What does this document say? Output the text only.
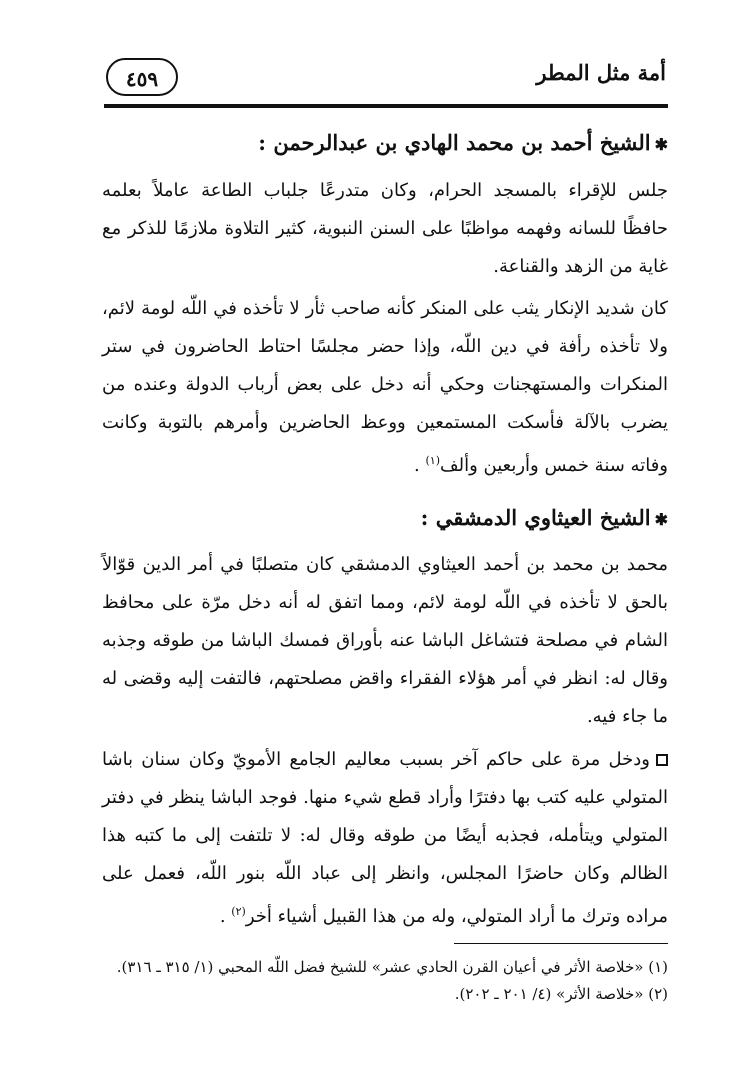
أمة مثل المطر
٤٥٩
✱الشيخ أحمد بن محمد الهادي بن عبدالرحمن :

جلس للإقراء بالمسجد الحرام، وكان متدرعًا جلباب الطاعة عاملاً بعلمه حافظًا للسانه وفهمه مواظبًا على السنن النبوية، كثير التلاوة ملازمًا للذكر مع غاية من الزهد والقناعة.

كان شديد الإنكار يثب على المنكر كأنه صاحب ثأر لا تأخذه في اللّه لومة لائم، ولا تأخذه رأفة في دين اللّه، وإذا حضر مجلسًا احتاط الحاضرون في ستر المنكرات والمستهجنات وحكي أنه دخل على بعض أرباب الدولة وعنده من يضرب بالآلة فأسكت المستمعين ووعظ الحاضرين وأمرهم بالتوبة وكانت وفاته سنة خمس وأربعين وألف$^{(١)}$ .

✱الشيخ العيثاوي الدمشقي :

محمد بن محمد بن أحمد العيثاوي الدمشقي كان متصلبًا في أمر الدين قوّالاً بالحق لا تأخذه في اللّه لومة لائم، ومما اتفق له أنه دخل مرّة على محافظ الشام في مصلحة فتشاغل الباشا عنه بأوراق فمسك الباشا من طوقه وجذبه وقال له: انظر في أمر هؤلاء الفقراء واقض مصلحتهم، فالتفت إليه وقضى له ما جاء فيه.

ودخل مرة على حاكم آخر بسبب معاليم الجامع الأمويّ وكان سنان باشا المتولي عليه كتب بها دفترًا وأراد قطع شيء منها. فوجد الباشا ينظر في دفتر المتولي ويتأمله، فجذبه أيضًا من طوقه وقال له: لا تلتفت إلى ما كتبه هذا الظالم وكان حاضرًا المجلس، وانظر إلى عباد اللّه بنور اللّه، فعمل على مراده وترك ما أراد المتولي، وله من هذا القبيل أشياء أخر$^{(٢)}$ .

(١) «خلاصة الأثر في أعيان القرن الحادي عشر» للشيخ فضل اللّه المحبي (١/ ٣١٥ ـ ٣١٦).
(٢) «خلاصة الأثر» (٤/ ٢٠١ ـ ٢٠٢).
